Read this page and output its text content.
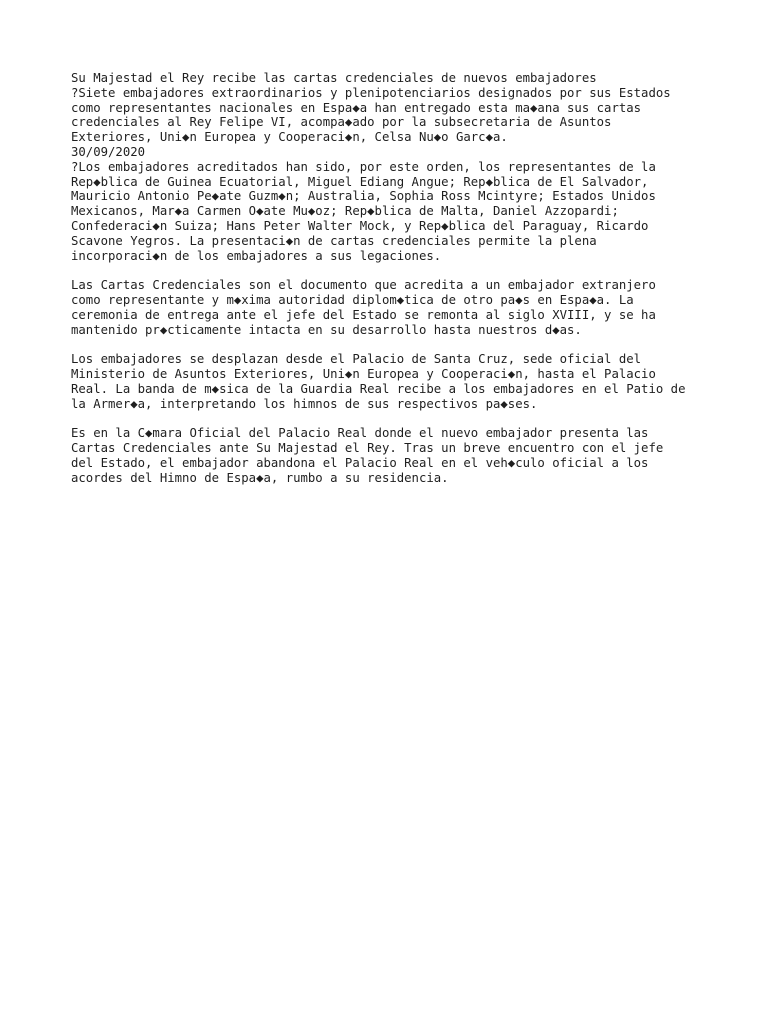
Su Majestad el Rey recibe las cartas credenciales de nuevos embajadores
?Siete embajadores extraordinarios y plenipotenciarios designados por sus Estados
como representantes nacionales en Espa◆a han entregado esta ma◆ana sus cartas
credenciales al Rey Felipe VI, acompa◆ado por la subsecretaria de Asuntos
Exteriores, Uni◆n Europea y Cooperaci◆n, Celsa Nu◆o Garc◆a.
30/09/2020
?Los embajadores acreditados han sido, por este orden, los representantes de la
Rep◆blica de Guinea Ecuatorial, Miguel Ediang Angue; Rep◆blica de El Salvador,
Mauricio Antonio Pe◆ate Guzm◆n; Australia, Sophia Ross Mcintyre; Estados Unidos
Mexicanos, Mar◆a Carmen O◆ate Mu◆oz; Rep◆blica de Malta, Daniel Azzopardi;
Confederaci◆n Suiza; Hans Peter Walter Mock, y Rep◆blica del Paraguay, Ricardo
Scavone Yegros. La presentaci◆n de cartas credenciales permite la plena
incorporaci◆n de los embajadores a sus legaciones.
Las Cartas Credenciales son el documento que acredita a un embajador extranjero
como representante y m◆xima autoridad diplom◆tica de otro pa◆s en Espa◆a. La
ceremonia de entrega ante el jefe del Estado se remonta al siglo XVIII, y se ha
mantenido pr◆cticamente intacta en su desarrollo hasta nuestros d◆as.
Los embajadores se desplazan desde el Palacio de Santa Cruz, sede oficial del
Ministerio de Asuntos Exteriores, Uni◆n Europea y Cooperaci◆n, hasta el Palacio
Real. La banda de m◆sica de la Guardia Real recibe a los embajadores en el Patio de
la Armer◆a, interpretando los himnos de sus respectivos pa◆ses.
Es en la C◆mara Oficial del Palacio Real donde el nuevo embajador presenta las
Cartas Credenciales ante Su Majestad el Rey. Tras un breve encuentro con el jefe
del Estado, el embajador abandona el Palacio Real en el veh◆culo oficial a los
acordes del Himno de Espa◆a, rumbo a su residencia.
